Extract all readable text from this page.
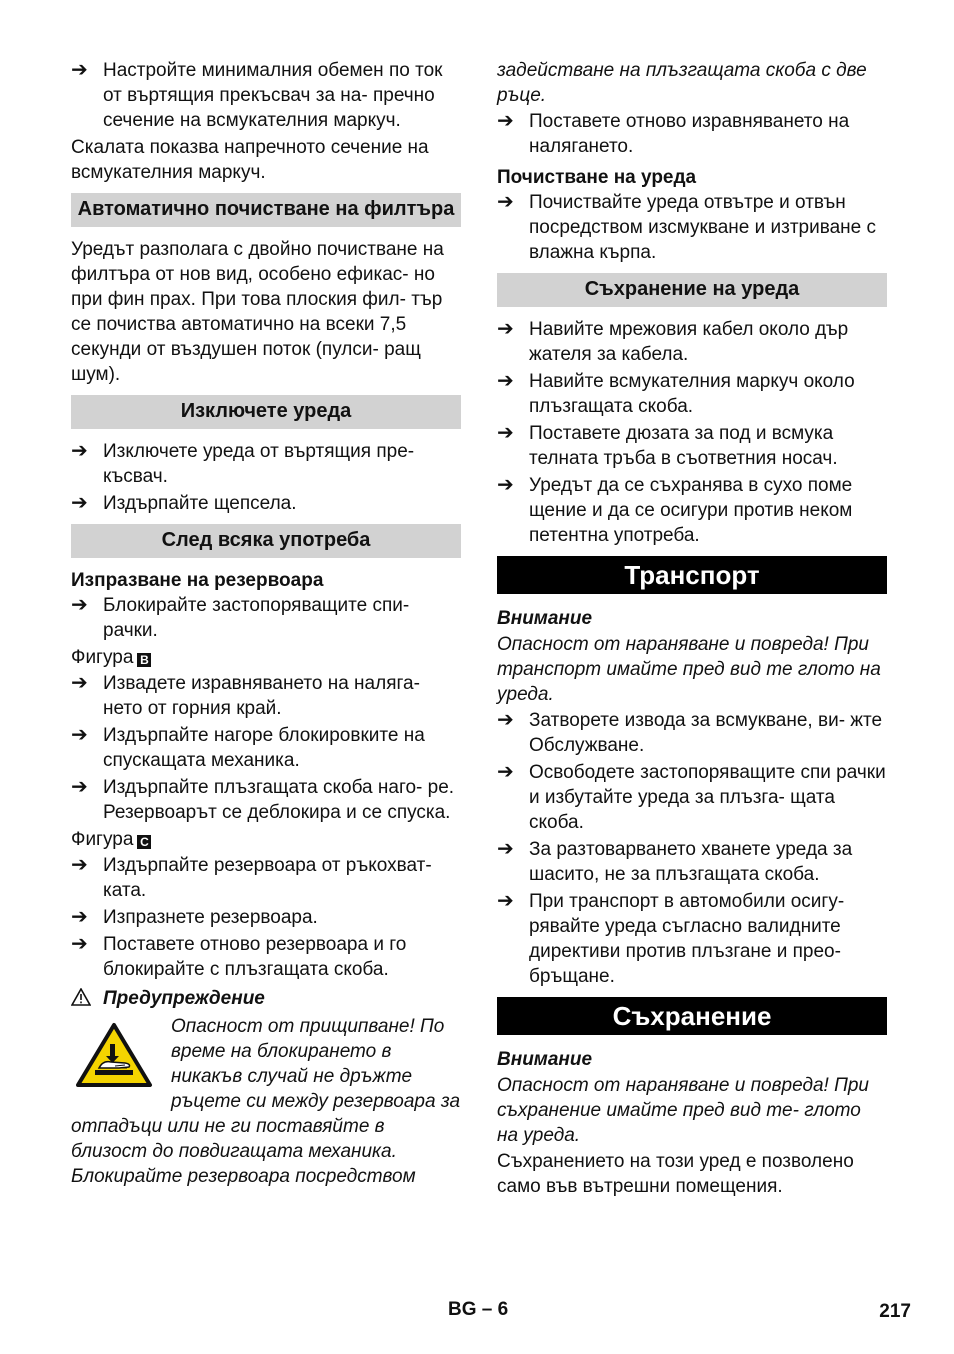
➔ Настройте минималния обемен по ток от въртящия прекъсвач за на- пречно сечение на всмукателния маркуч.

Скалата показва напречното сечение на всмукателния маркуч.

Автоматично почистване на филтъра

Уредът разполага с двойно почистване на филтъра от нов вид, особено ефикас- но при фин прах. При това плоския фил- тър се почиства автоматично на всеки 7,5 секунди от въздушен поток (пулси- ращ шум).

Изключете уреда
➔ Изключете уреда от въртящия пре- късвач.
➔ Издърпайте щепсела.
След всяка употреба
Изпразване на резервоара
➔ Блокирайте застопоряващите спи- рачки.

Фигура B

➔ Извадете изравняването на наляга- нето от горния край.
➔ Издърпайте нагоре блокировките на спускащата механика.
➔ Издърпайте плъзгащата скоба наго- ре. Резервоарът се деблокира и се спуска.

Фигура C

➔ Издърпайте резервоара от ръкохват- ката.
➔ Изпразнете резервоара.
➔ Поставете отново резервоара и го блокирайте с плъзгащата скоба.
Предупреждение
Опасност от прищипване! По време на блокирането в никакъв случай не дръжте ръцете си между резервоара за отпадъци или не ги поставяйте в близост до повдигащата механика. Блокирайте резервоара посредством

задействане на плъзгащата скоба с две ръце.

➔ Поставете отново изравняването на налягането.
Почистване на уреда
➔ Почиствайте уреда отвътре и отвън посредством изсмукване и изтриване с влажна кърпа.
Съхранение на уреда
➔ Навийте мрежовия кабел около дър жателя за кабела.
➔ Навийте всмукателния маркуч около плъзгащата скоба.
➔ Поставете дюзата за под и всмука телната тръба в съответния носач.
➔ Уредът да се съхранява в сухо поме щение и да се осигури против неком петентна употреба.
Транспорт

Внимание

Опасност от нараняване и повреда! При транспорт имайте пред вид те глото на уреда.

➔ Затворете извода за всмукване, ви- жте Обслужване.
➔ Освободете застопоряващите спи рачки и избутайте уреда за плъзга- щата скоба.
➔ За разтоварването хванете уреда за шасито, не за плъзгащата скоба.
➔ При транспорт в автомобили осигу- рявайте уреда съгласно валидните директиви против плъзгане и прео- бръщане.
Съхранение

Внимание

Опасност от нараняване и повреда! При съхранение имайте пред вид те- глото на уреда.

Съхранението на този уред е позволено само във вътрешни помещения.

BG – 6	217
